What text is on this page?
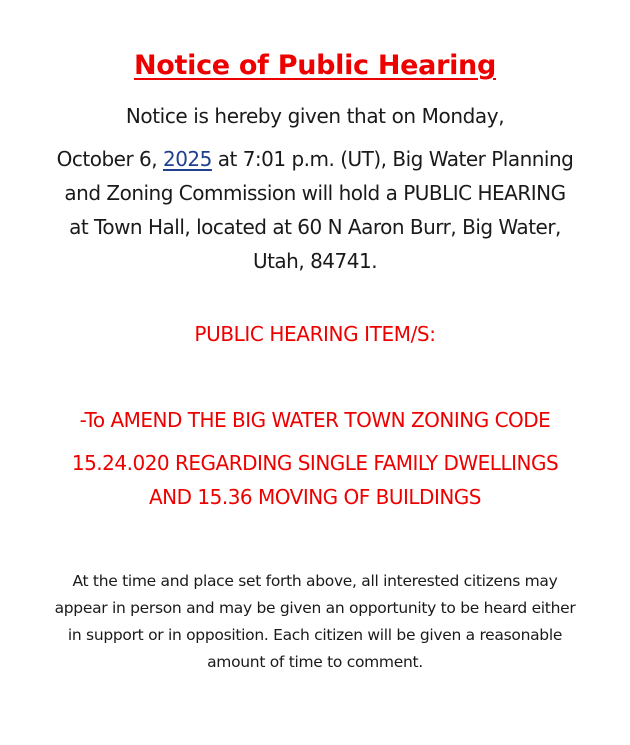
Notice of Public Hearing
Notice is hereby given that on Monday,
October 6, 2025 at 7:01 p.m. (UT), Big Water Planning
and Zoning Commission will hold a PUBLIC HEARING
at Town Hall, located at 60 N Aaron Burr, Big Water,
Utah, 84741.
PUBLIC HEARING ITEM/S:
-To AMEND THE BIG WATER TOWN ZONING CODE
15.24.020 REGARDING SINGLE FAMILY DWELLINGS
AND 15.36 MOVING OF BUILDINGS
At the time and place set forth above, all interested citizens may
appear in person and may be given an opportunity to be heard either
in support or in opposition. Each citizen will be given a reasonable
amount of time to comment.
